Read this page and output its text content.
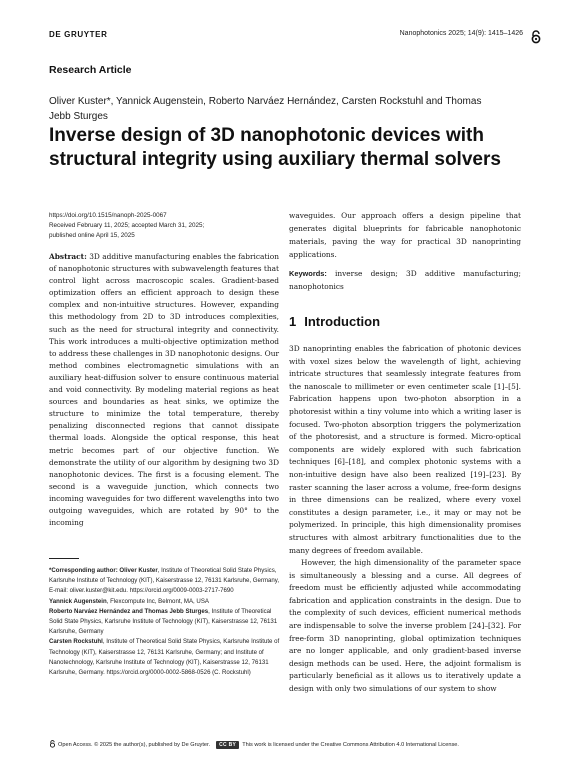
DE GRUYTER	Nanophotonics 2025; 14(9): 1415–1426
Research Article
Oliver Kuster*, Yannick Augenstein, Roberto Narváez Hernández, Carsten Rockstuhl and Thomas Jebb Sturges
Inverse design of 3D nanophotonic devices with structural integrity using auxiliary thermal solvers
https://doi.org/10.1515/nanoph-2025-0067
Received February 11, 2025; accepted March 31, 2025;
published online April 15, 2025
Abstract: 3D additive manufacturing enables the fabrication of nanophotonic structures with subwavelength features that control light across macroscopic scales. Gradient-based optimization offers an efficient approach to design these complex and non-intuitive structures. However, expanding this methodology from 2D to 3D introduces complexities, such as the need for structural integrity and connectivity. This work introduces a multi-objective optimization method to address these challenges in 3D nanophotonic designs. Our method combines electromagnetic simulations with an auxiliary heat-diffusion solver to ensure continuous material and void connectivity. By modeling material regions as heat sources and boundaries as heat sinks, we optimize the structure to minimize the total temperature, thereby penalizing disconnected regions that cannot dissipate thermal loads. Alongside the optical response, this heat metric becomes part of our objective function. We demonstrate the utility of our algorithm by designing two 3D nanophotonic devices. The first is a focusing element. The second is a waveguide junction, which connects two incoming waveguides for two different wavelengths into two outgoing waveguides, which are rotated by 90° to the incoming

*Corresponding author: Oliver Kuster, Institute of Theoretical Solid State Physics, Karlsruhe Institute of Technology (KIT), Kaiserstrasse 12, 76131 Karlsruhe, Germany, E-mail: oliver.kuster@kit.edu. https://orcid.org/0009-0003-2717-7690

Yannick Augenstein, Flexcompute Inc, Belmont, MA, USA

Roberto Narváez Hernández and Thomas Jebb Sturges, Institute of Theoretical Solid State Physics, Karlsruhe Institute of Technology (KIT), Kaiserstrasse 12, 76131 Karlsruhe, Germany

Carsten Rockstuhl, Institute of Theoretical Solid State Physics, Karlsruhe Institute of Technology (KIT), Kaiserstrasse 12, 76131 Karlsruhe, Germany; and Institute of Nanotechnology, Karlsruhe Institute of Technology (KIT), Kaiserstrasse 12, 76131 Karlsruhe, Germany. https://orcid.org/0000-0002-5868-0526 (C. Rockstuhl)

waveguides. Our approach offers a design pipeline that generates digital blueprints for fabricable nanophotonic materials, paving the way for practical 3D nanoprinting applications.
Keywords: inverse design; 3D additive manufacturing; nanophotonics
1 Introduction

3D nanoprinting enables the fabrication of photonic devices with voxel sizes below the wavelength of light, achieving intricate structures that seamlessly integrate features from the nanoscale to millimeter or even centimeter scale [1]–[5]. Fabrication happens upon two-photon absorption in a photoresist within a tiny volume into which a writing laser is focused. Two-photon absorption triggers the polymerization of the photoresist, and a structure is formed. Micro-optical components are widely explored with such fabrication techniques [6]–[18], and complex photonic systems with a non-intuitive design have also been realized [19]–[23]. By raster scanning the laser across a volume, free-form designs in three dimensions can be realized, where every voxel constitutes a design parameter, i.e., it may or may not be polymerized. In principle, this high dimensionality promises structures with almost arbitrary functionalities due to the many degrees of freedom available.

However, the high dimensionality of the parameter space is simultaneously a blessing and a curse. All degrees of freedom must be efficiently adjusted while accommodating fabrication and application constraints in the design. Due to the complexity of such devices, efficient numerical methods are indispensable to solve the inverse problem [24]–[32]. For free-form 3D nanoprinting, global optimization techniques are no longer applicable, and only gradient-based inverse design methods can be used. Here, the adjoint formalism is particularly beneficial as it allows us to iteratively update a design with only two simulations of our system to show

Open Access. © 2025 the author(s), published by De Gruyter. CC BY This work is licensed under the Creative Commons Attribution 4.0 International License.
